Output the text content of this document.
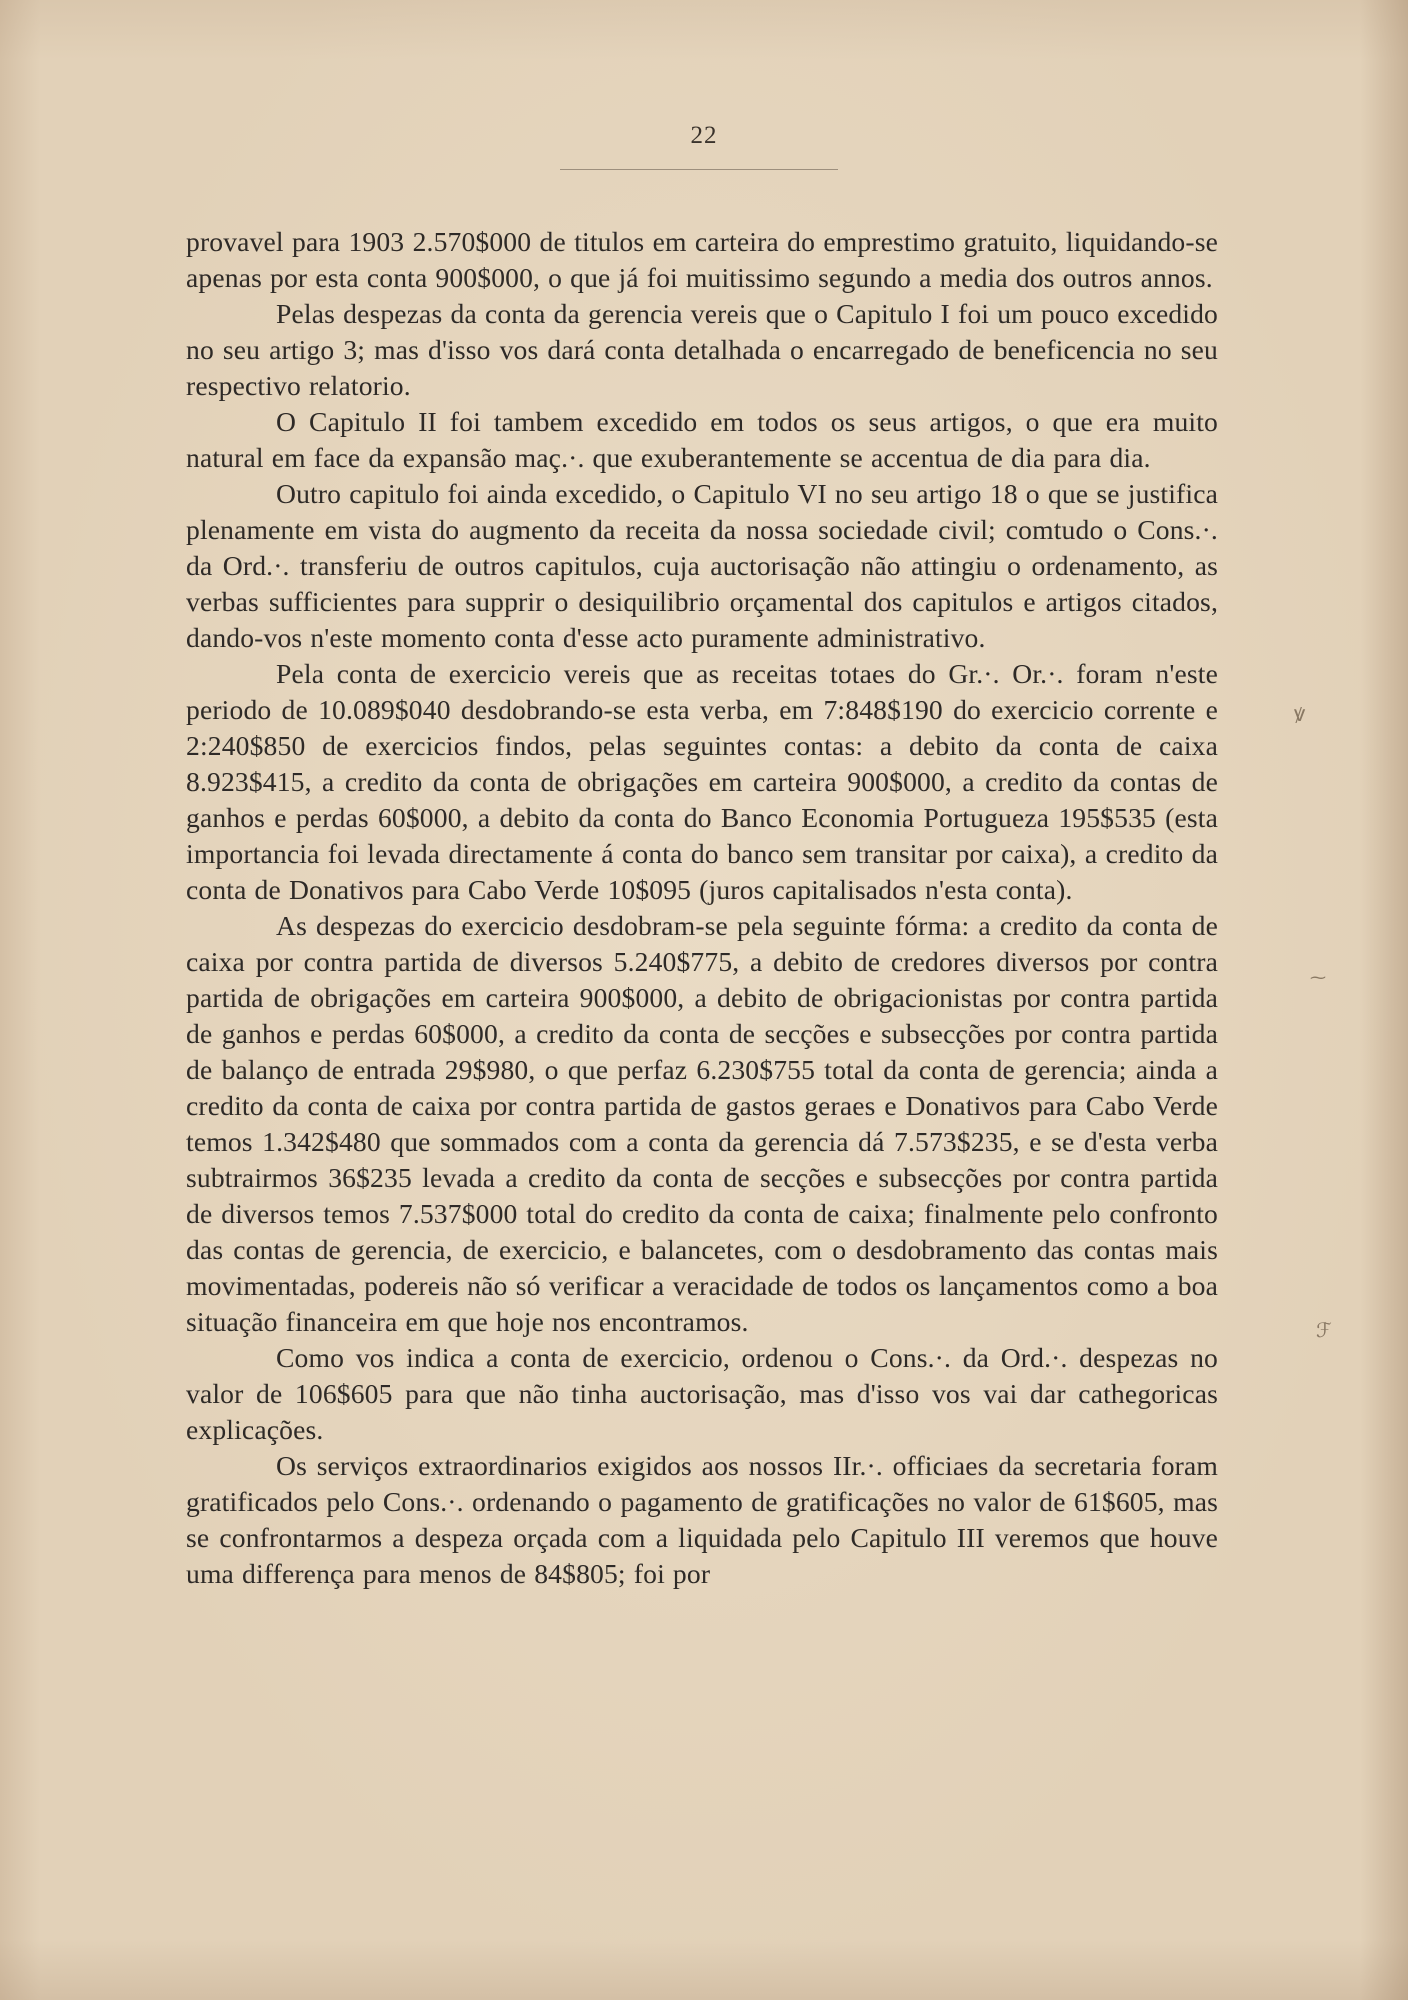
22

provavel para 1903 2.570$000 de titulos em carteira do emprestimo gratuito, liquidando-se apenas por esta conta 900$000, o que já foi muitissimo segundo a media dos outros annos.

Pelas despezas da conta da gerencia vereis que o Capitulo I foi um pouco excedido no seu artigo 3; mas d'isso vos dará conta detalhada o encarregado de beneficencia no seu respectivo relatorio.

O Capitulo II foi tambem excedido em todos os seus artigos, o que era muito natural em face da expansão maç.·. que exuberantemente se accentua de dia para dia.

Outro capitulo foi ainda excedido, o Capitulo VI no seu artigo 18 o que se justifica plenamente em vista do augmento da receita da nossa sociedade civil; comtudo o Cons.·. da Ord.·. transferiu de outros capitulos, cuja auctorisação não attingiu o ordenamento, as verbas sufficientes para supprir o desiquilibrio orçamental dos capitulos e artigos citados, dando-vos n'este momento conta d'esse acto puramente administrativo.

Pela conta de exercicio vereis que as receitas totaes do Gr.·. Or.·. foram n'este periodo de 10.089$040 desdobrando-se esta verba, em 7:848$190 do exercicio corrente e 2:240$850 de exercicios findos, pelas seguintes contas: a debito da conta de caixa 8.923$415, a credito da conta de obrigações em carteira 900$000, a credito da contas de ganhos e perdas 60$000, a debito da conta do Banco Economia Portugueza 195$535 (esta importancia foi levada directamente á conta do banco sem transitar por caixa), a credito da conta de Donativos para Cabo Verde 10$095 (juros capitalisados n'esta conta).

As despezas do exercicio desdobram-se pela seguinte fórma: a credito da conta de caixa por contra partida de diversos 5.240$775, a debito de credores diversos por contra partida de obrigações em carteira 900$000, a debito de obrigacionistas por contra partida de ganhos e perdas 60$000, a credito da conta de secções e subsecções por contra partida de balanço de entrada 29$980, o que perfaz 6.230$755 total da conta de gerencia; ainda a credito da conta de caixa por contra partida de gastos geraes e Donativos para Cabo Verde temos 1.342$480 que sommados com a conta da gerencia dá 7.573$235, e se d'esta verba subtrairmos 36$235 levada a credito da conta de secções e subsecções por contra partida de diversos temos 7.537$000 total do credito da conta de caixa; finalmente pelo confronto das contas de gerencia, de exercicio, e balancetes, com o desdobramento das contas mais movimentadas, podereis não só verificar a veracidade de todos os lançamentos como a boa situação financeira em que hoje nos encontramos.

Como vos indica a conta de exercicio, ordenou o Cons.·. da Ord.·. despezas no valor de 106$605 para que não tinha auctorisação, mas d'isso vos vai dar cathegoricas explicações.

Os serviços extraordinarios exigidos aos nossos IIr.·. officiaes da secretaria foram gratificados pelo Cons.·. ordenando o pagamento de gratificações no valor de 61$605, mas se confrontarmos a despeza orçada com a liquidada pelo Capitulo III veremos que houve uma differença para menos de 84$805; foi por

ꝟ
⁓
ℱ
